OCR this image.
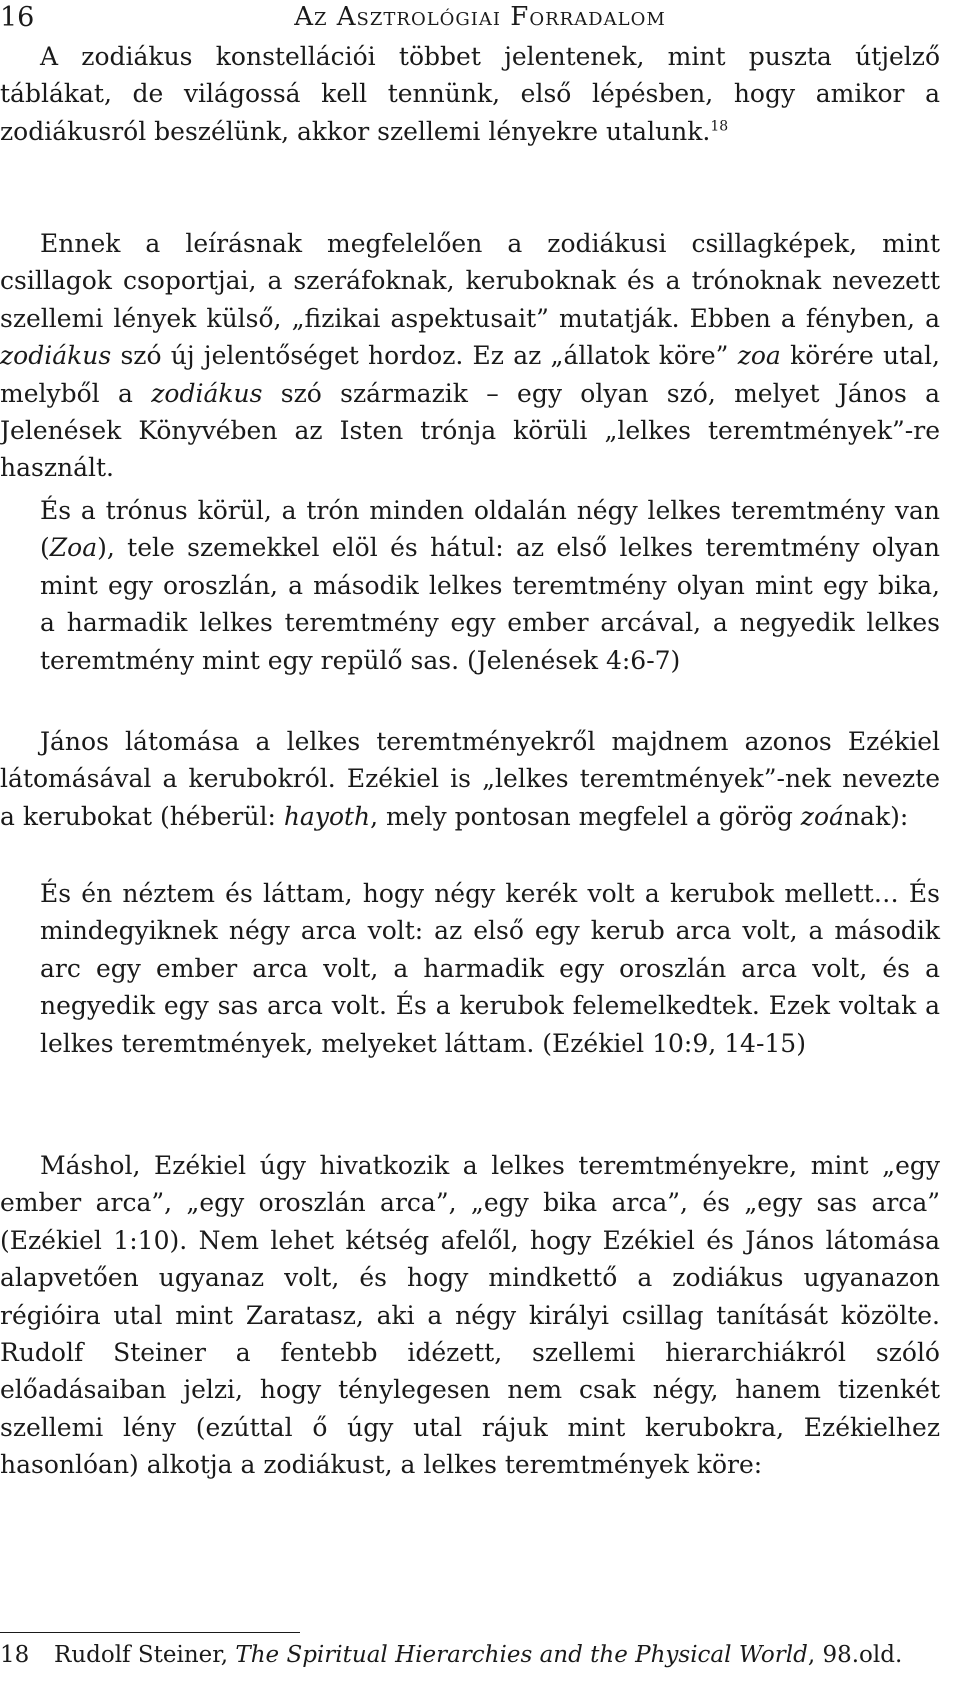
16	Az Asztrológiai Forradalom

A zodiákus konstellációi többet jelentenek, mint puszta útjelző táblákat, de világossá kell tennünk, első lépésben, hogy amikor a zodiákusról beszélünk, akkor szellemi lényekre utalunk.$^{18}$

Ennek a leírásnak megfelelően a zodiákusi csillagképek, mint csillagok csoportjai, a szeráfoknak, keruboknak és a trónoknak nevezett szellemi lények külső, „fizikai aspektusait” mutatják. Ebben a fényben, a zodiákus szó új jelentőséget hordoz. Ez az „állatok köre” zoa körére utal, melyből a zodiákus szó származik – egy olyan szó, melyet János a Jelenések Könyvében az Isten trónja körüli „lelkes teremtmények”-re használt.

És a trónus körül, a trón minden oldalán négy lelkes teremtmény van (Zoa), tele szemekkel elöl és hátul: az első lelkes teremtmény olyan mint egy oroszlán, a második lelkes teremtmény olyan mint egy bika, a harmadik lelkes teremtmény egy ember arcával, a negyedik lelkes teremtmény mint egy repülő sas. (Jelenések 4:6-7)

János látomása a lelkes teremtményekről majdnem azonos Ezékiel látomásával a kerubokról. Ezékiel is „lelkes teremtmények”-nek nevezte a kerubokat (héberül: hayoth, mely pontosan megfelel a görög zoának):

És én néztem és láttam, hogy négy kerék volt a kerubok mellett… És mindegyiknek négy arca volt: az első egy kerub arca volt, a második arc egy ember arca volt, a harmadik egy oroszlán arca volt, és a negyedik egy sas arca volt. És a kerubok felemelkedtek. Ezek voltak a lelkes teremtmények, melyeket láttam. (Ezékiel 10:9, 14-15)

Máshol, Ezékiel úgy hivatkozik a lelkes teremtményekre, mint „egy ember arca”, „egy oroszlán arca”, „egy bika arca”, és „egy sas arca” (Ezékiel 1:10). Nem lehet kétség afelől, hogy Ezékiel és János látomása alapvetően ugyanaz volt, és hogy mindkettő a zodiákus ugyanazon régióira utal mint Zaratasz, aki a négy királyi csillag tanítását közölte. Rudolf Steiner a fentebb idézett, szellemi hierarchiákról szóló előadásaiban jelzi, hogy ténylegesen nem csak négy, hanem tizenkét szellemi lény (ezúttal ő úgy utal rájuk mint kerubokra, Ezékielhez hasonlóan) alkotja a zodiákust, a lelkes teremtmények köre:

18 Rudolf Steiner, The Spiritual Hierarchies and the Physical World, 98.old.
